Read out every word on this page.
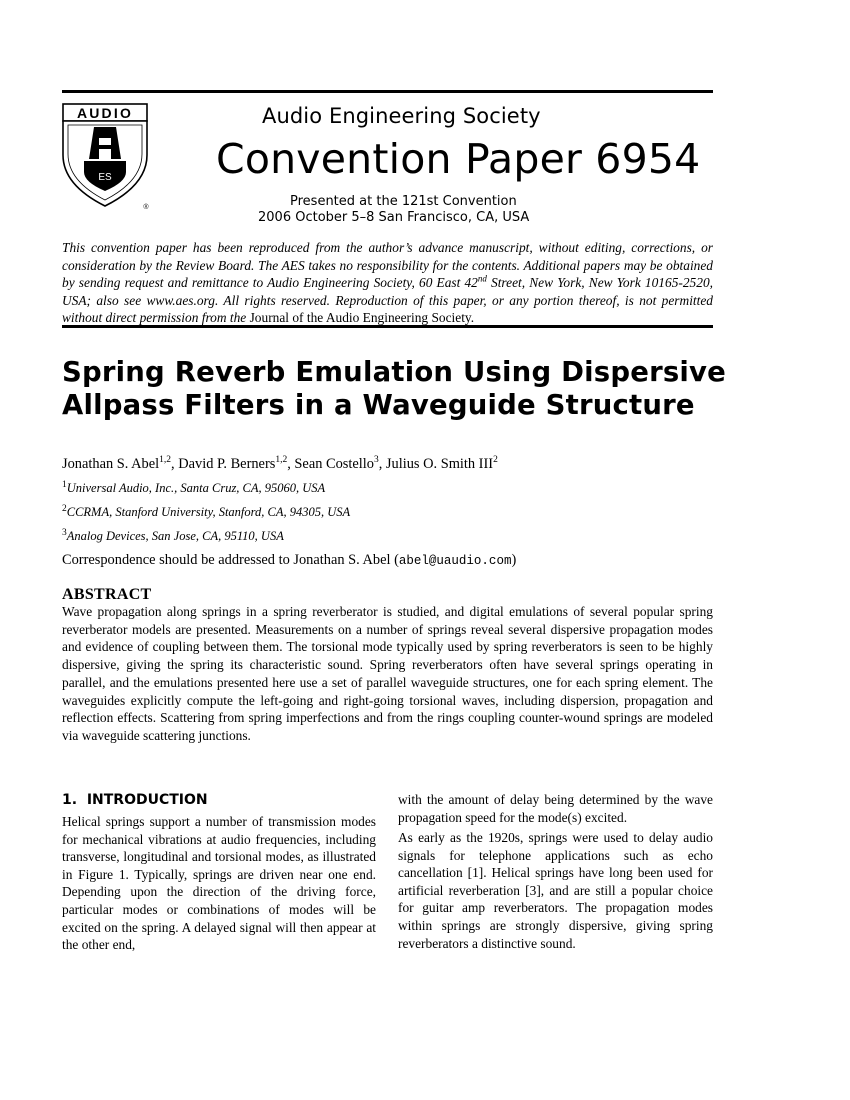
AUDIO
ES
®
Audio Engineering Society
Convention Paper 6954
Presented at the 121st Convention
2006 October 5–8 San Francisco, CA, USA
This convention paper has been reproduced from the author’s advance manuscript, without editing, corrections, or consideration by the Review Board. The AES takes no responsibility for the contents. Additional papers may be obtained by sending request and remittance to Audio Engineering Society, 60 East 42nd Street, New York, New York 10165-2520, USA; also see www.aes.org. All rights reserved. Reproduction of this paper, or any portion thereof, is not permitted without direct permission from the Journal of the Audio Engineering Society.
Spring Reverb Emulation Using Dispersive Allpass Filters in a Waveguide Structure
Jonathan S. Abel$^{1,2}$, David P. Berners$^{1,2}$, Sean Costello$^3$, Julius O. Smith III$^2$
$^1$Universal Audio, Inc., Santa Cruz, CA, 95060, USA
$^2$CCRMA, Stanford University, Stanford, CA, 94305, USA
$^3$Analog Devices, San Jose, CA, 95110, USA
Correspondence should be addressed to Jonathan S. Abel (abel@uaudio.com)
ABSTRACT
Wave propagation along springs in a spring reverberator is studied, and digital emulations of several popular spring reverberator models are presented. Measurements on a number of springs reveal several dispersive propagation modes and evidence of coupling between them. The torsional mode typically used by spring reverberators is seen to be highly dispersive, giving the spring its characteristic sound. Spring reverberators often have several springs operating in parallel, and the emulations presented here use a set of parallel waveguide structures, one for each spring element. The waveguides explicitly compute the left-going and right-going torsional waves, including dispersion, propagation and reflection effects. Scattering from spring imperfections and from the rings coupling counter-wound springs are modeled via waveguide scattering junctions.
1. INTRODUCTION
Helical springs support a number of transmission modes for mechanical vibrations at audio frequencies, including transverse, longitudinal and torsional modes, as illustrated in Figure 1. Typically, springs are driven near one end. Depending upon the direction of the driving force, particular modes or combinations of modes will be excited on the spring. A delayed signal will then appear at the other end,
with the amount of delay being determined by the wave propagation speed for the mode(s) excited.
As early as the 1920s, springs were used to delay audio signals for telephone applications such as echo cancellation [1]. Helical springs have long been used for artificial reverberation [3], and are still a popular choice for guitar amp reverberators. The propagation modes within springs are strongly dispersive, giving spring reverberators a distinctive sound.
